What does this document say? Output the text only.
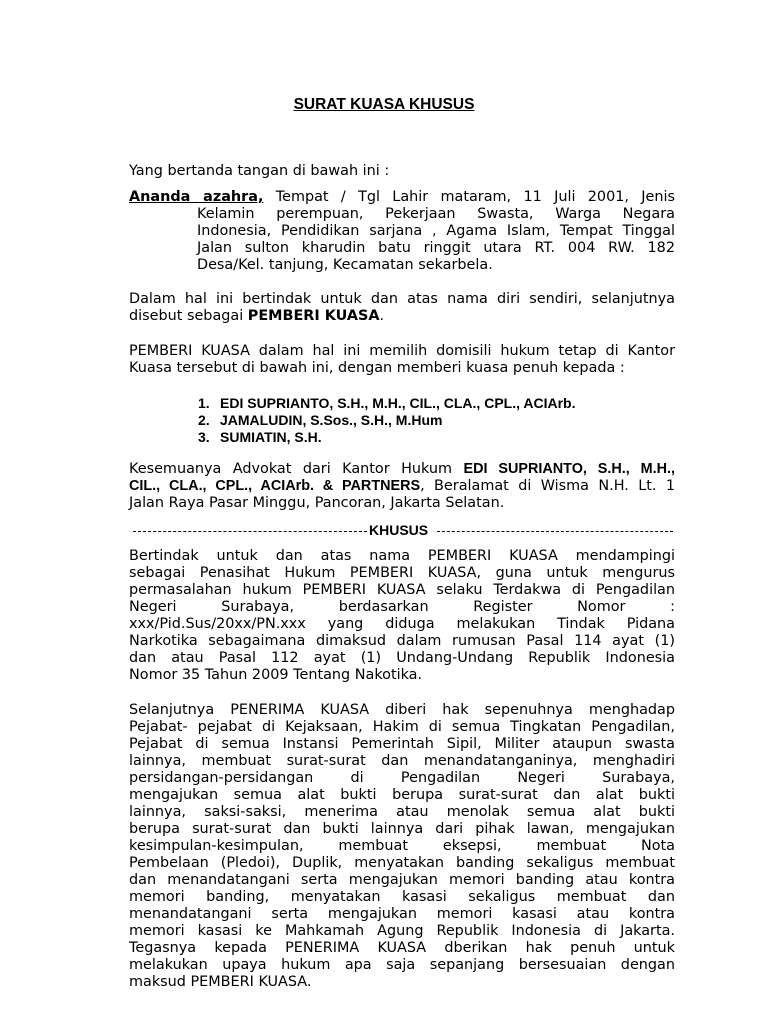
SURAT KUASA KHUSUS
Yang bertanda tangan di bawah ini :
Ananda azahra, Tempat / Tgl Lahir mataram, 11 Juli 2001, Jenis
Kelamin perempuan, Pekerjaan Swasta, Warga Negara
Indonesia, Pendidikan sarjana , Agama Islam, Tempat Tinggal
Jalan sulton kharudin batu ringgit utara RT. 004 RW. 182
Desa/Kel. tanjung, Kecamatan sekarbela.
Dalam hal ini bertindak untuk dan atas nama diri sendiri, selanjutnya
disebut sebagai PEMBERI KUASA.
PEMBERI KUASA dalam hal ini memilih domisili hukum tetap di Kantor
Kuasa tersebut di bawah ini, dengan memberi kuasa penuh kepada :
1. EDI SUPRIANTO, S.H., M.H., CIL., CLA., CPL., ACIArb.
2. JAMALUDIN, S.Sos., S.H., M.Hum
3. SUMIATIN, S.H.
Kesemuanya Advokat dari Kantor Hukum EDI SUPRIANTO, S.H., M.H.,
CIL., CLA., CPL., ACIArb. & PARTNERS, Beralamat di Wisma N.H. Lt. 1
Jalan Raya Pasar Minggu, Pancoran, Jakarta Selatan.
KHUSUS
Bertindak untuk dan atas nama PEMBERI KUASA mendampingi
sebagai Penasihat Hukum PEMBERI KUASA, guna untuk mengurus
permasalahan hukum PEMBERI KUASA selaku Terdakwa di Pengadilan
Negeri Surabaya, berdasarkan Register Nomor :
xxx/Pid.Sus/20xx/PN.xxx yang diduga melakukan Tindak Pidana
Narkotika sebagaimana dimaksud dalam rumusan Pasal 114 ayat (1)
dan atau Pasal 112 ayat (1) Undang-Undang Republik Indonesia
Nomor 35 Tahun 2009 Tentang Nakotika.
Selanjutnya PENERIMA KUASA diberi hak sepenuhnya menghadap
Pejabat- pejabat di Kejaksaan, Hakim di semua Tingkatan Pengadilan,
Pejabat di semua Instansi Pemerintah Sipil, Militer ataupun swasta
lainnya, membuat surat-surat dan menandatanganinya, menghadiri
persidangan-persidangan di Pengadilan Negeri Surabaya,
mengajukan semua alat bukti berupa surat-surat dan alat bukti
lainnya, saksi-saksi, menerima atau menolak semua alat bukti
berupa surat-surat dan bukti lainnya dari pihak lawan, mengajukan
kesimpulan-kesimpulan, membuat eksepsi, membuat Nota
Pembelaan (Pledoi), Duplik, menyatakan banding sekaligus membuat
dan menandatangani serta mengajukan memori banding atau kontra
memori banding, menyatakan kasasi sekaligus membuat dan
menandatangani serta mengajukan memori kasasi atau kontra
memori kasasi ke Mahkamah Agung Republik Indonesia di Jakarta.
Tegasnya kepada PENERIMA KUASA dberikan hak penuh untuk
melakukan upaya hukum apa saja sepanjang bersesuaian dengan
maksud PEMBERI KUASA.
